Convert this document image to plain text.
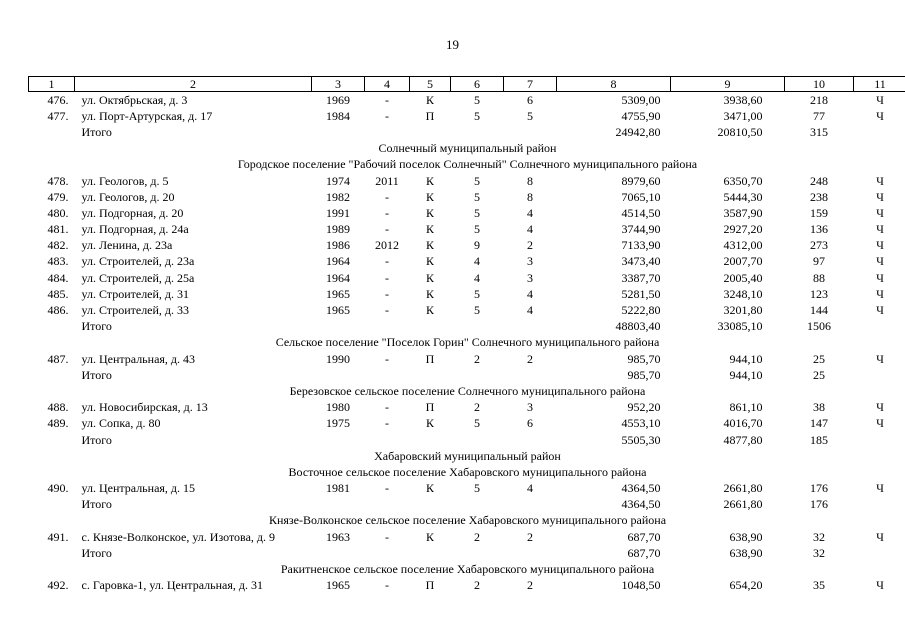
19
1	2	3	4	5	6	7	8	9	10	11
476.	ул. Октябрьская, д. 3	1969	-	К	5	6	5309,00	3938,60	218	Ч
477.	ул. Порт-Артурская, д. 17	1984	-	П	5	5	4755,90	3471,00	77	Ч
	Итого						24942,80	20810,50	315	
Солнечный муниципальный район										
Городское поселение "Рабочий поселок Солнечный" Солнечного муниципального района										
478.	ул. Геологов, д. 5	1974	2011	К	5	8	8979,60	6350,70	248	Ч
479.	ул. Геологов, д. 20	1982	-	К	5	8	7065,10	5444,30	238	Ч
480.	ул. Подгорная, д. 20	1991	-	К	5	4	4514,50	3587,90	159	Ч
481.	ул. Подгорная, д. 24а	1989	-	К	5	4	3744,90	2927,20	136	Ч
482.	ул. Ленина, д. 23а	1986	2012	К	9	2	7133,90	4312,00	273	Ч
483.	ул. Строителей, д. 23а	1964	-	К	4	3	3473,40	2007,70	97	Ч
484.	ул. Строителей, д. 25а	1964	-	К	4	3	3387,70	2005,40	88	Ч
485.	ул. Строителей, д. 31	1965	-	К	5	4	5281,50	3248,10	123	Ч
486.	ул. Строителей, д. 33	1965	-	К	5	4	5222,80	3201,80	144	Ч
	Итого						48803,40	33085,10	1506	
Сельское поселение "Поселок Горин" Солнечного муниципального района										
487.	ул. Центральная, д. 43	1990	-	П	2	2	985,70	944,10	25	Ч
	Итого						985,70	944,10	25	
Березовское сельское поселение Солнечного муниципального района										
488.	ул. Новосибирская, д. 13	1980	-	П	2	3	952,20	861,10	38	Ч
489.	ул. Сопка, д. 80	1975	-	К	5	6	4553,10	4016,70	147	Ч
	Итого						5505,30	4877,80	185	
Хабаровский муниципальный район										
Восточное сельское поселение Хабаровского муниципального района										
490.	ул. Центральная, д. 15	1981	-	К	5	4	4364,50	2661,80	176	Ч
	Итого						4364,50	2661,80	176	
Князе-Волконское сельское поселение Хабаровского муниципального района										
491.	с. Князе-Волконское, ул. Изотова, д. 9	1963	-	К	2	2	687,70	638,90	32	Ч
	Итого						687,70	638,90	32	
Ракитненское сельское поселение Хабаровского муниципального района										
492.	с. Гаровка-1, ул. Центральная, д. 31	1965	-	П	2	2	1048,50	654,20	35	Ч
